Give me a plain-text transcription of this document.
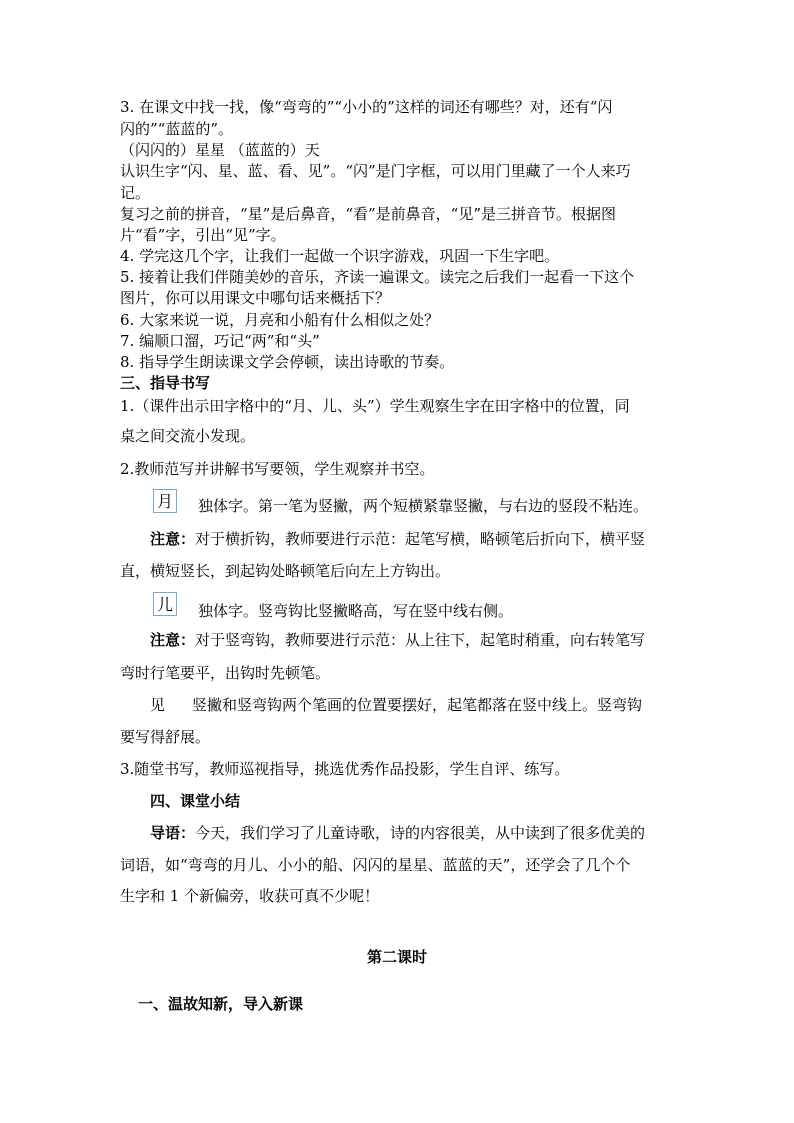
3. 在课文中找一找，像“弯弯的”“小小的”这样的词还有哪些？对，还有“闪
闪的”“蓝蓝的”。
（闪闪的）星星 （蓝蓝的）天
认识生字“闪、星、蓝、看、见”。“闪”是门字框，可以用门里藏了一个人来巧
记。
复习之前的拼音，“星”是后鼻音，“看”是前鼻音，“见”是三拼音节。根据图
片“看”字，引出“见”字。
4. 学完这几个字，让我们一起做一个识字游戏，巩固一下生字吧。
5. 接着让我们伴随美妙的音乐，齐读一遍课文。读完之后我们一起看一下这个
图片，你可以用课文中哪句话来概括下？
6. 大家来说一说，月亮和小船有什么相似之处？
7. 编顺口溜，巧记“两”和“头”
8. 指导学生朗读课文学会停顿，读出诗歌的节奏。
三、指导书写
1.（课件出示田字格中的“月、儿、头”）学生观察生字在田字格中的位置，同
桌之间交流小发现。
2.教师范写并讲解书写要领，学生观察并书空。
月 独体字。第一笔为竖撇，两个短横紧靠竖撇，与右边的竖段不粘连。
注意：对于横折钩，教师要进行示范：起笔写横，略顿笔后折向下，横平竖
直，横短竖长，到起钩处略顿笔后向左上方钩出。
儿 独体字。竖弯钩比竖撇略高，写在竖中线右侧。
注意：对于竖弯钩，教师要进行示范：从上往下，起笔时稍重，向右转笔写
弯时行笔要平，出钩时先顿笔。
见 竖撇和竖弯钩两个笔画的位置要摆好，起笔都落在竖中线上。竖弯钩
要写得舒展。
3.随堂书写，教师巡视指导，挑选优秀作品投影，学生自评、练写。
四、课堂小结
导语：今天，我们学习了儿童诗歌，诗的内容很美，从中读到了很多优美的
词语，如“弯弯的月儿、小小的船、闪闪的星星、蓝蓝的天”，还学会了几个个
生字和 1 个新偏旁，收获可真不少呢！
第二课时
一、温故知新，导入新课
